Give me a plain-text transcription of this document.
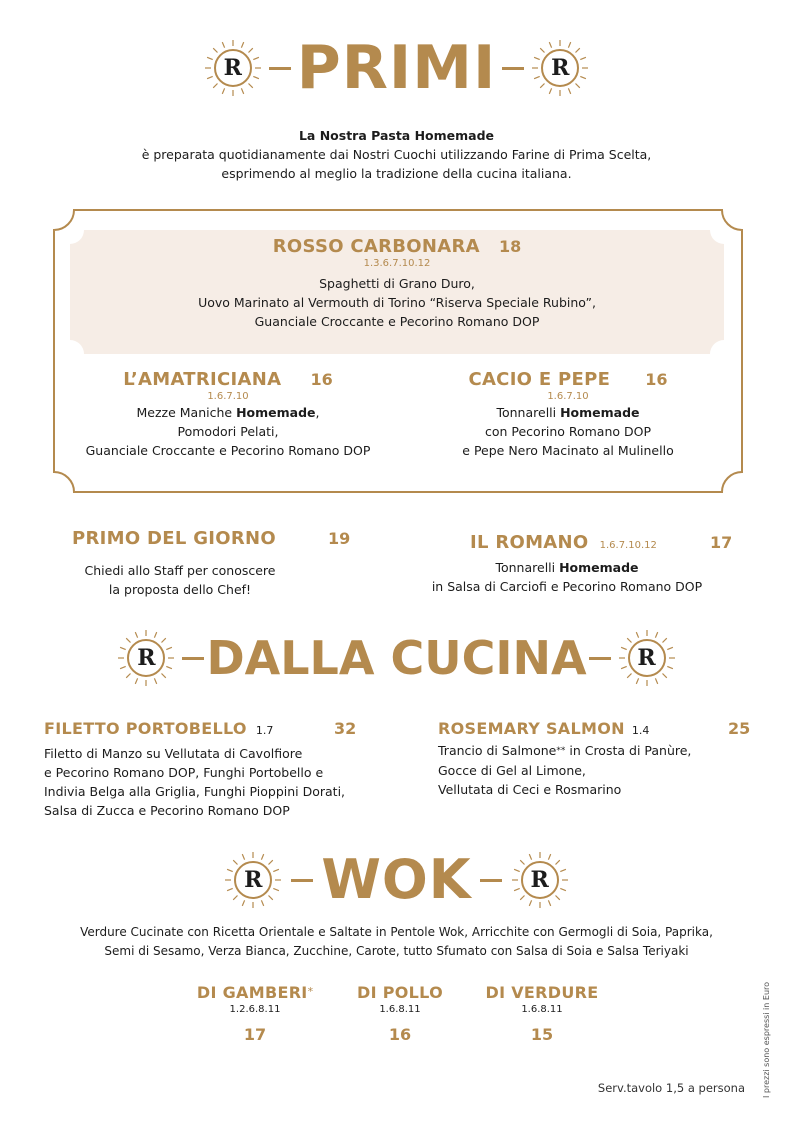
R PRIMI	R
La Nostra Pasta Homemade
è preparata quotidianamente dai Nostri Cuochi utilizzando Farine di Prima Scelta,
esprimendo al meglio la tradizione della cucina italiana.
ROSSO CARBONARA 18
1.3.6.7.10.12
Spaghetti di Grano Duro,
Uovo Marinato al Vermouth di Torino “Riserva Speciale Rubino”,
Guanciale Croccante e Pecorino Romano DOP
L’AMATRICIANA 16
1.6.7.10
Mezze Maniche Homemade,
Pomodori Pelati,
Guanciale Croccante e Pecorino Romano DOP
CACIO E PEPE 16
1.6.7.10
Tonnarelli Homemade
con Pecorino Romano DOP
e Pepe Nero Macinato al Mulinello
PRIMO DEL GIORNO	19
Chiedi allo Staff per conoscere
la proposta dello Chef!
IL ROMANO 1.6.7.10.12	17
Tonnarelli Homemade
in Salsa di Carciofi e Pecorino Romano DOP
R	DALLA CUCINA	R
FILETTO PORTOBELLO 1.7	32
Filetto di Manzo su Vellutata di Cavolfiore
e Pecorino Romano DOP, Funghi Portobello e
Indivia Belga alla Griglia, Funghi Pioppini Dorati,
Salsa di Zucca e Pecorino Romano DOP
ROSEMARY SALMON 1.4	25
Trancio di Salmone** in Crosta di Panùre,
Gocce di Gel al Limone,
Vellutata di Ceci e Rosmarino
R	WOK	R
Verdure Cucinate con Ricetta Orientale e Saltate in Pentole Wok, Arricchite con Germogli di Soia, Paprika,
Semi di Sesamo, Verza Bianca, Zucchine, Carote, tutto Sfumato con Salsa di Soia e Salsa Teriyaki
DI GAMBERI*
1.2.6.8.11
17
DI POLLO
1.6.8.11
16
DI VERDURE
1.6.8.11
15
Serv.tavolo 1,5 a persona I prezzi sono espressi in Euro
